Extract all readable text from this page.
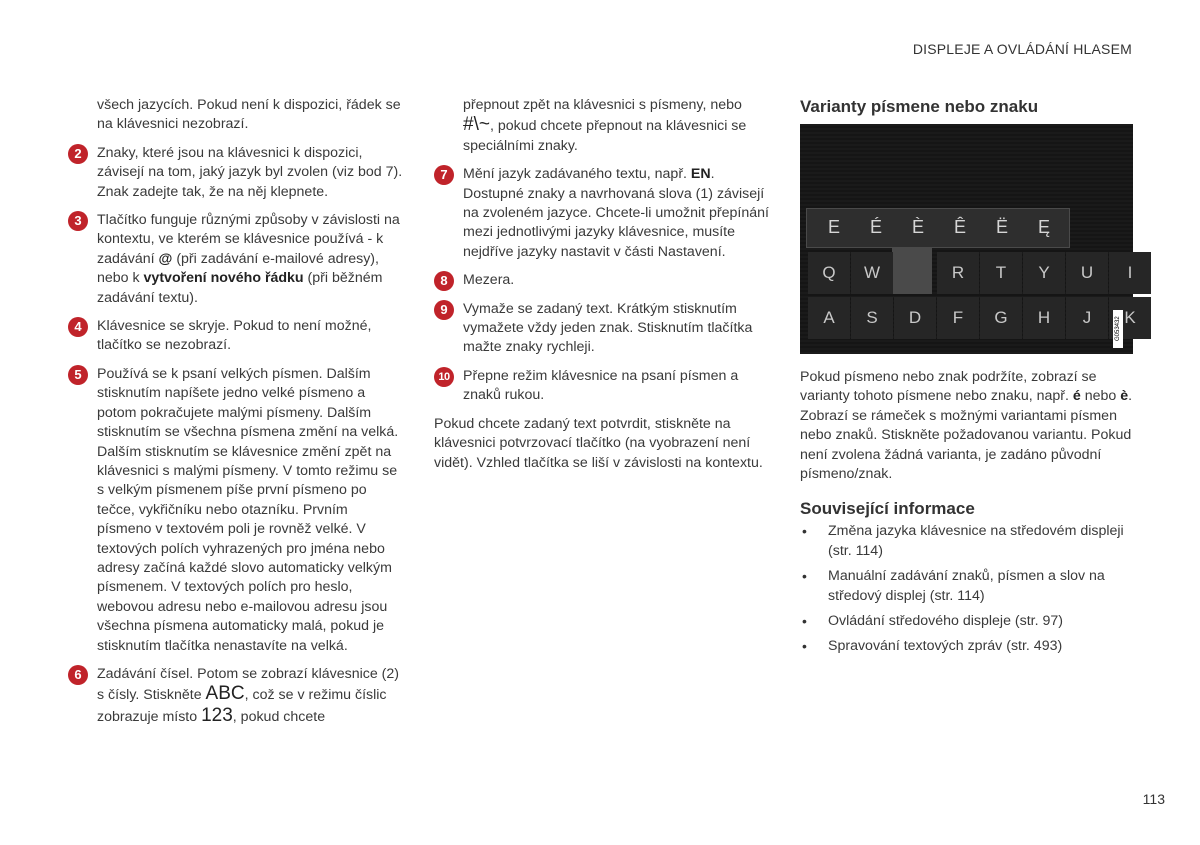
DISPLEJE A OVLÁDÁNÍ HLASEM

všech jazycích. Pokud není k dispozici, řádek se na klávesnici nezobrazí.

2	Znaky, které jsou na klávesnici k dispozici, závisejí na tom, jaký jazyk byl zvolen (viz bod 7). Znak zadejte tak, že na něj klepnete.
3	Tlačítko funguje různými způsoby v závislosti na kontextu, ve kterém se klávesnice používá - k zadávání @ (při zadávání e-mailové adresy), nebo k vytvoření nového řádku (při běžném zadávání textu).
4	Klávesnice se skryje. Pokud to není možné, tlačítko se nezobrazí.
5	Používá se k psaní velkých písmen. Dalším stisknutím napíšete jedno velké písmeno a potom pokračujete malými písmeny. Dalším stisknutím se všechna písmena změní na velká. Dalším stisknutím se klávesnice změní zpět na klávesnici s malými písmeny. V tomto režimu se s velkým písmenem píše první písmeno po tečce, vykřičníku nebo otazníku. Prvním písmeno v textovém poli je rovněž velké. V textových polích vyhrazených pro jména nebo adresy začíná každé slovo automaticky velkým písmenem. V textových polích pro heslo, webovou adresu nebo e-mailovou adresu jsou všechna písmena automaticky malá, pokud je stisknutím tlačítka nenastavíte na velká.
6	Zadávání čísel. Potom se zobrazí klávesnice (2) s čísly. Stiskněte ABC, což se v režimu číslic zobrazuje místo 123, pokud chcete

přepnout zpět na klávesnici s písmeny, nebo #\~, pokud chcete přepnout na klávesnici se speciálními znaky.

7	Mění jazyk zadávaného textu, např. EN. Dostupné znaky a navrhovaná slova (1) závisejí na zvoleném jazyce. Chcete-li umožnit přepínání mezi jednotlivými jazyky klávesnice, musíte nejdříve jazyky nastavit v části Nastavení.
8	Mezera.
9	Vymaže se zadaný text. Krátkým stisknutím vymažete vždy jeden znak. Stisknutím tlačítka mažte znaky rychleji.
10 Přepne režim klávesnice na psaní písmen a znaků rukou.

Pokud chcete zadaný text potvrdit, stiskněte na klávesnici potvrzovací tlačítko (na vyobrazení není vidět). Vzhled tlačítka se liší v závislosti na kontextu.

Varianty písmene nebo znaku
Q	W	R	T	Y	U	I
A	S	D	F	G	H	J	K
E	É	È	Ê	Ë	Ę
G053432

Pokud písmeno nebo znak podržíte, zobrazí se varianty tohoto písmene nebo znaku, např. é nebo è. Zobrazí se rámeček s možnými variantami písmen nebo znaků. Stiskněte požadovanou variantu. Pokud není zvolena žádná varianta, je zadáno původní písmeno/znak.

Související informace
• Změna jazyka klávesnice na středovém displeji (str. 114)
• Manuální zadávání znaků, písmen a slov na středový displej (str. 114)
• Ovládání středového displeje (str. 97)
• Spravování textových zpráv (str. 493)
113
